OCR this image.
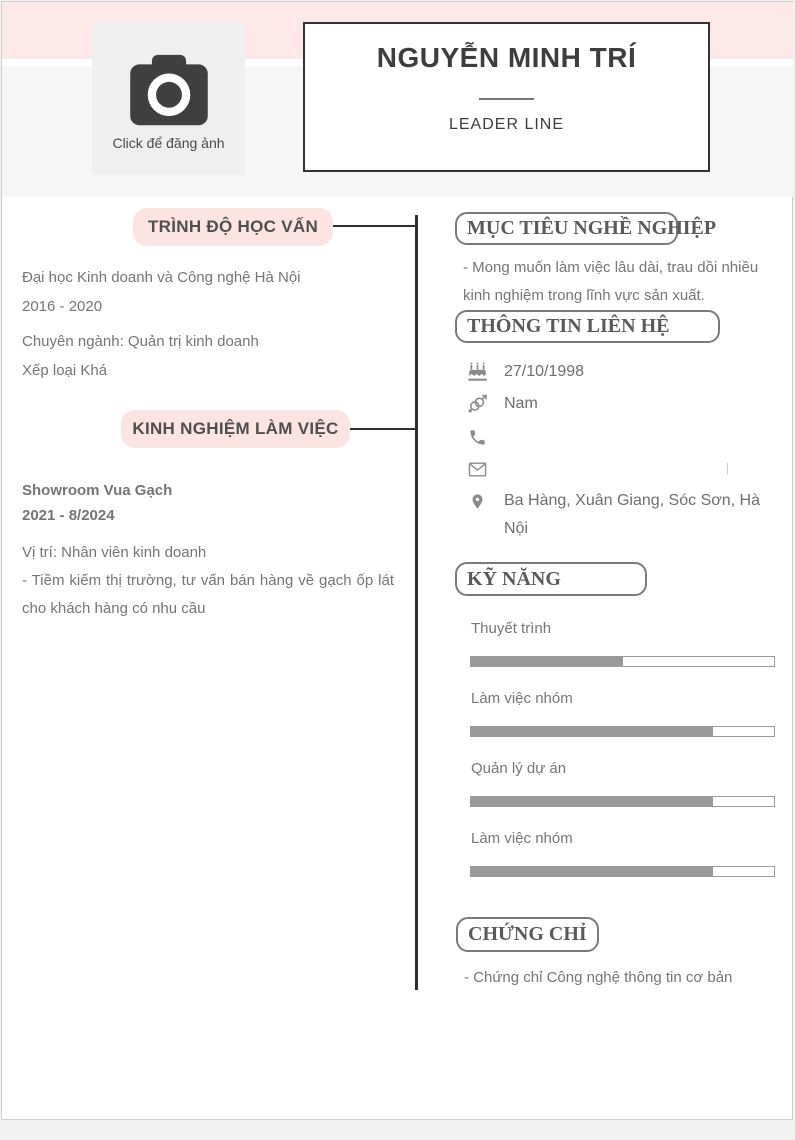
Click để đăng ảnh
NGUYỄN MINH TRÍ
LEADER LINE
TRÌNH ĐỘ HỌC VẤN
Đại học Kinh doanh và Công nghệ Hà Nội
2016 - 2020
Chuyên ngành: Quản trị kinh doanh
Xếp loại Khá
KINH NGHIỆM LÀM VIỆC
Showroom Vua Gạch
2021 - 8/2024
Vị trí: Nhân viên kinh doanh
- Tiềm kiếm thị trường, tư vấn bán hàng về gạch ốp lát cho khách hàng có nhu cầu
MỤC TIÊU NGHỀ NGHIỆP
- Mong muốn làm việc lâu dài, trau dồi nhiều kinh nghiệm trong lĩnh vực sản xuất.
THÔNG TIN LIÊN HỆ
27/10/1998
Nam
Ba Hàng, Xuân Giang, Sóc Sơn, Hà Nội
KỸ NĂNG
Thuyết trình
Làm việc nhóm
Quản lý dự án
Làm việc nhóm
CHỨNG CHỈ
- Chứng chỉ Công nghệ thông tin cơ bản
